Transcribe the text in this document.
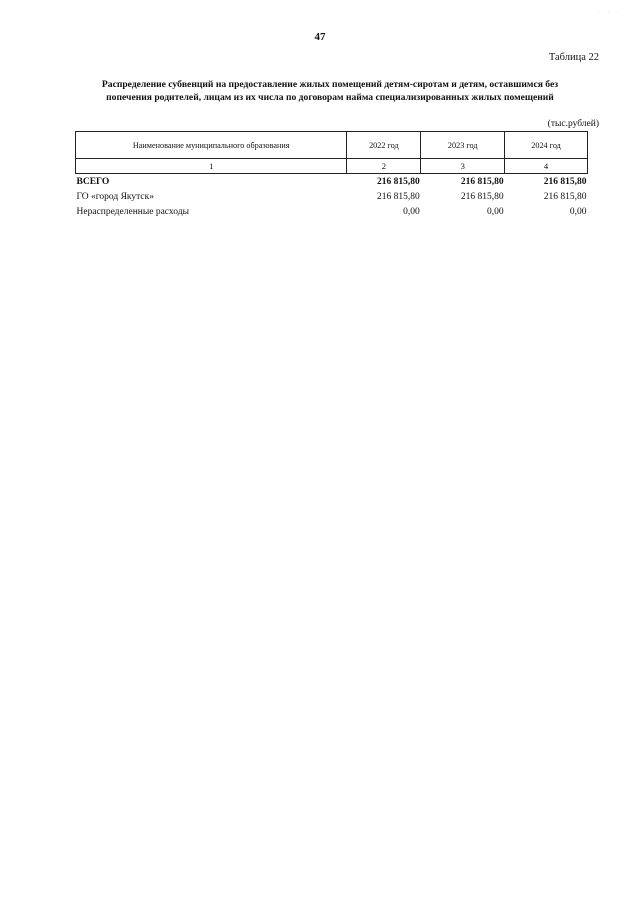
· · ·
47
Таблица 22
Распределение субвенций на предоставление жилых помещений детям-сиротам и детям, оставшимся без
попечения родителей, лицам из их числа по договорам найма специализированных жилых помещений
(тыс.рублей)
Наименование муниципального образования	2022 год	2023 год	2024 год
1	2	3	4
ВСЕГО	216 815,80	216 815,80	216 815,80
ГО «город Якутск»	216 815,80	216 815,80	216 815,80
Нераспределенные расходы	0,00	0,00	0,00
